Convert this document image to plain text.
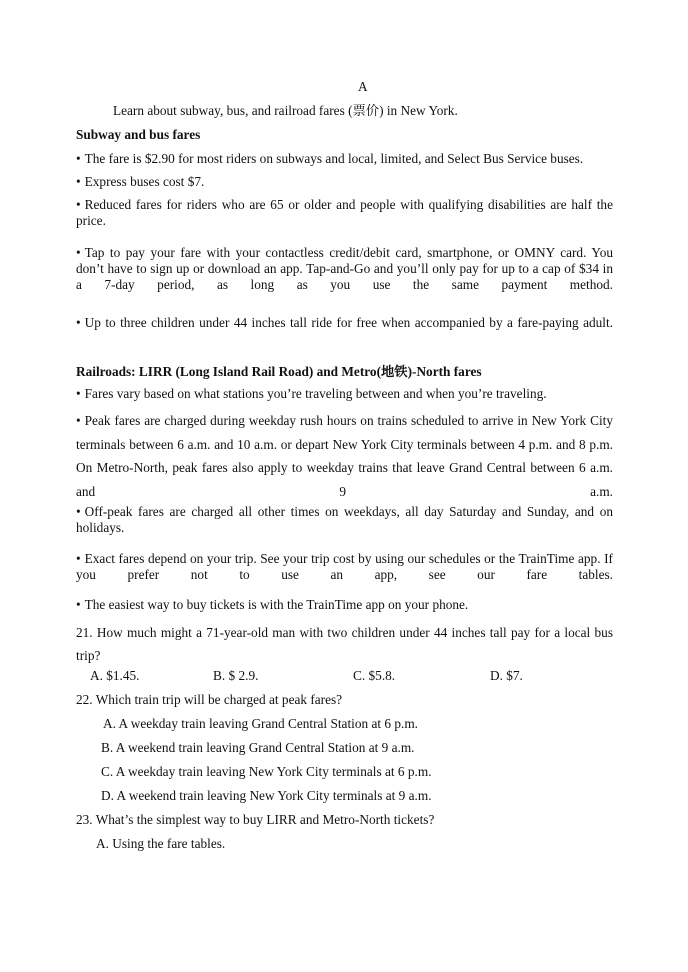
A
Learn about subway, bus, and railroad fares (票价) in New York.
Subway and bus fares
• The fare is $2.90 for most riders on subways and local, limited, and Select Bus Service buses.
• Express buses cost $7.
• Reduced fares for riders who are 65 or older and people with qualifying disabilities are half the price.
• Tap to pay your fare with your contactless credit/debit card, smartphone, or OMNY card. You don’t have to sign up or download an app. Tap-and-Go and you’ll only pay for up to a cap of $34 in a 7-day period, as long as you use the same payment method.
• Up to three children under 44 inches tall ride for free when accompanied by a fare-paying adult.
Railroads: LIRR (Long Island Rail Road) and Metro(地铁)-North fares
• Fares vary based on what stations you’re traveling between and when you’re traveling.
• Peak fares are charged during weekday rush hours on trains scheduled to arrive in New York City terminals between 6 a.m. and 10 a.m. or depart New York City terminals between 4 p.m. and 8 p.m. On Metro-North, peak fares also apply to weekday trains that leave Grand Central between 6 a.m. and 9 a.m.
• Off-peak fares are charged all other times on weekdays, all day Saturday and Sunday, and on holidays.
• Exact fares depend on your trip. See your trip cost by using our schedules or the TrainTime app. If you prefer not to use an app, see our fare tables.
• The easiest way to buy tickets is with the TrainTime app on your phone.
21. How much might a 71-year-old man with two children under 44 inches tall pay for a local bus trip?
A. $1.45.	B. $ 2.9.	C. $5.8.	D. $7.
22. Which train trip will be charged at peak fares?
A. A weekday train leaving Grand Central Station at 6 p.m.
B. A weekend train leaving Grand Central Station at 9 a.m.
C. A weekday train leaving New York City terminals at 6 p.m.
D. A weekend train leaving New York City terminals at 9 a.m.
23. What’s the simplest way to buy LIRR and Metro-North tickets?
A. Using the fare tables.
